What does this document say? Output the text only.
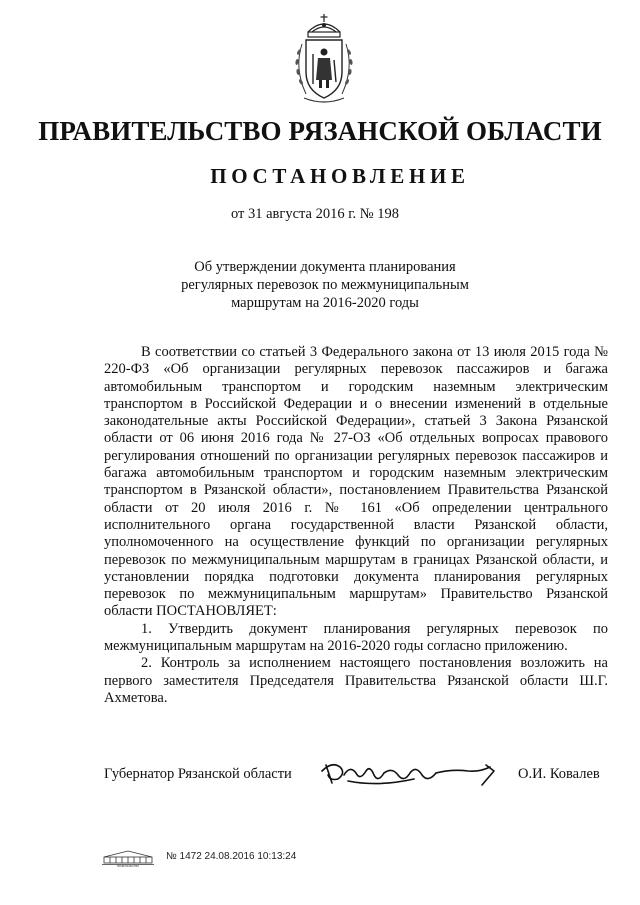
ПРАВИТЕЛЬСТВО РЯЗАНСКОЙ ОБЛАСТИ
ПОСТАНОВЛЕНИЕ
от 31 августа 2016 г. № 198
Об утверждении документа планирования
регулярных перевозок по межмуниципальным
маршрутам на 2016-2020 годы

В соответствии со статьей 3 Федерального закона от 13 июля 2015 года № 220-ФЗ «Об организации регулярных перевозок пассажиров и багажа автомобильным транспортом и городским наземным электрическим транспортом в Российской Федерации и о внесении изменений в отдельные законодательные акты Российской Федерации», статьей 3 Закона Рязанской области от 06 июня 2016 года № 27-ОЗ «Об отдельных вопросах правового регулирования отношений по организации регулярных перевозок пассажиров и багажа автомобильным транспортом и городским наземным электрическим транспортом в Рязанской области», постановлением Правительства Рязанской области от 20 июля 2016 г. № 161 «Об определении центрального исполнительного органа государственной власти Рязанской области, уполномоченного на осуществление функций по организации регулярных перевозок по межмуниципальным маршрутам в границах Рязанской области, и установлении порядка подготовки документа планирования регулярных перевозок по межмуниципальным маршрутам» Правительство Рязанской области ПОСТАНОВЛЯЕТ:

1. Утвердить документ планирования регулярных перевозок по межмуниципальным маршрутам на 2016-2020 годы согласно приложению.

2. Контроль за исполнением настоящего постановления возложить на первого заместителя Председателя Правительства Рязанской области Ш.Г. Ахметова.

Губернатор Рязанской области	О.И. Ковалев
ПРАВИТЕЛЬСТВО
№ 1472 24.08.2016 10:13:24
